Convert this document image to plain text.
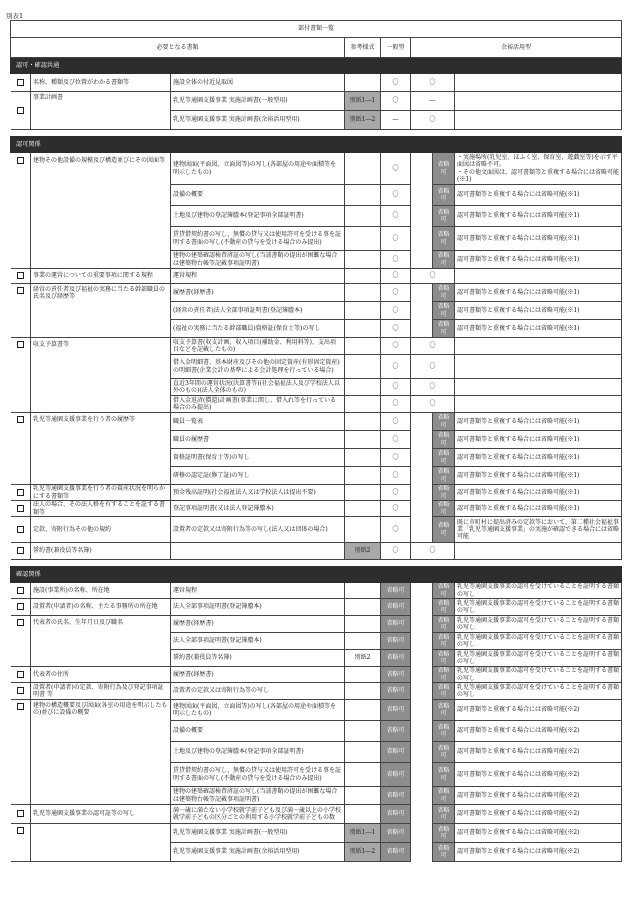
別表1
部付書類一覧							
必要となる書類			参考様式	一般型	余裕活用型		
認可・確認共通							
	名称、種類及び位置がわかる書類等	施設全体の付近見取図		〇	〇		
	事業計画書	乳児等通園支援事業 実施計画書(一般型用)	別紙1―1	〇	―		
		乳児等通園支援事業 実施計画書(余裕活用型用)	別紙1―2	―	〇		

認可関係							
	建物その他設備の規模及び構造並びにその図面等	建物図面(平面図、立面図等)の写し(各部屋の用途や面積等を明示したもの)		〇		省略可	・実施場所(乳児室、ほふく室、保育室、遊戯室等)を示す平面図は省略不可。
・その他文面図は、認可書類等と重複する場合には省略可能(※1)
		設備の概要		〇		省略可	認可書類等と重複する場合には省略可能(※1)
		土地及び建物の登記簿謄本(登記事項全部証明書)		〇		省略可	認可書類等と重複する場合には省略可能(※1)
		賃貸借契約書の写し、無償の貸与又は使用許可を受ける事を証明する書面の写し(不動産の貸与を受ける場合のみ提出)		〇		省略可	認可書類等と重複する場合には省略可能(※1)
		建物の建築確認検査済証の写し(当該書類の提出が困難な場合は建築物台帳等記載事項証明書)		〇		省略可	認可書類等と重複する場合には省略可能(※1)
	事業の運営についての重要事項に関する規程	運営規程		〇	〇		
	経営の責任者及び福祉の実務に当たる幹部職員の氏名及び経歴等	履歴書(経歴書)		〇		省略可	認可書類等と重複する場合には省略可能(※1)
		(経営の責任者)法人全部事項証明書(登記簿謄本)		〇		省略可	認可書類等と重複する場合には省略可能(※1)
		(福祉の実務に当たる幹部職員)資格証(保育士等)の写し		〇		省略可	認可書類等と重複する場合には省略可能(※1)
	収支予算書等	収支予算書(収支計画、収入項目(補助金、利用料等)、支出項目などを記載したもの)		〇	〇		
		借入金明細書、基本財産及びその他の固定資産(有形固定資産)の明細書(企業会計の基準による会計処理を行っている場合)		〇	〇		
		直近3年間の運営状況(決算書等)(社会福祉法人及び学校法人以外のもの)(法人全体のもの)		〇	〇		
		借入金返済(償還)計画書(事業に関し、借入れ等を行っている場合のみ提出)		〇	〇		
	乳児等通園支援事業を行う者の履歴等	職員一覧表		〇		省略可	認可書類等と重複する場合には省略可能(※1)
		職員の履歴書		〇		省略可	認可書類等と重複する場合には省略可能(※1)
		資格証明書(保育士等)の写し		〇		省略可	認可書類等と重複する場合には省略可能(※1)
		研修の認定証(修了証)の写し		〇		省略可	認可書類等と重複する場合には省略可能(※1)
	乳児等通園支援事業を行う者の資産状況を明らかにする書類等	預金残高証明(社会福祉法人又は学校法人は提出不要)		〇		省略可	認可書類等と重複する場合には省略可能(※1)
	法人の場合、その法人格を有することを証する書類等	登記事項証明書(又は法人登記簿謄本)		〇		省略可	認可書類等と重複する場合には省略可能(※1)
	定款、寄附行為その他の規約	設置者の定款又は寄附行為等の写し(法人又は団体の場合)		〇		省略可	既に市町村に提出済みの定款等において、第二種社会福祉事業「乳児等通園支援事業」の実施が確認できる場合には省略可能
	誓約書(兼役員等名簿)		別紙2	〇	〇		

確認関係							
	施設(事業所)の名称、所在地	運営規程		省略可		省略可	乳児等通園支援事業の認可を受けていることを証明する書類の写し
	設置者(申請者)の名称、主たる事務所の所在地	法人全部事項証明書(登記簿謄本)		省略可		省略可	乳児等通園支援事業の認可を受けていることを証明する書類の写し
	代表者の氏名、生年月日及び職名	履歴書(経歴書)		省略可		省略可	乳児等通園支援事業の認可を受けていることを証明する書類の写し
		法人全部事項証明書(登記簿謄本)		省略可		省略可	乳児等通園支援事業の認可を受けていることを証明する書類の写し
		誓約書(兼役員等名簿)	別紙2	省略可		省略可	乳児等通園支援事業の認可を受けていることを証明する書類の写し
	代表者の住所	履歴書(経歴書)		省略可		省略可	乳児等通園支援事業の認可を受けていることを証明する書類の写し
	設置者(申請者)の定款、寄附行為及び登記事項証明書 等	設置者の定款又は寄附行為等の写し		省略可		省略可	乳児等通園支援事業の認可を受けていることを証明する書類の写し
	建物の構造概要及び図面(各室の用途を明示したもの)並びに設備の概要	建物図面(平面図、立面図等)の写し(各部屋の用途や面積等を明示したもの)		省略可		省略可	認可書類等と重複する場合には省略可能(※2)
		設備の概要		省略可		省略可	認可書類等と重複する場合には省略可能(※2)
		土地及び建物の登記簿謄本(登記事項全部証明書)		省略可		省略可	認可書類等と重複する場合には省略可能(※2)
		賃貸借契約書の写し、無償の貸与又は使用許可を受ける事を証明する書面の写し(不動産の貸与を受ける場合のみ提出)		省略可		省略可	認可書類等と重複する場合には省略可能(※2)
		建物の建築確認検査済証の写し(当該書類の提出が困難な場合は建築物台帳等記載事項証明書)		省略可		省略可	認可書類等と重複する場合には省略可能(※2)
	乳児等通園支援事業の認可証等の写し	満一歳に満たない小学校就学前子ども及び満一歳以上の小学校就学前子どもの区分ごとの利用する小学校就学前子どもの数		省略可		省略可	認可書類等と重複する場合には省略可能(※2)
		乳児等通園支援事業 実施計画書(一般型用)	別紙1―1	省略可		省略可	認可書類等と重複する場合には省略可能(※2)
		乳児等通園支援事業 実施計画書(余裕活用型用)	別紙1―2	省略可		省略可	認可書類等と重複する場合には省略可能(※2)
